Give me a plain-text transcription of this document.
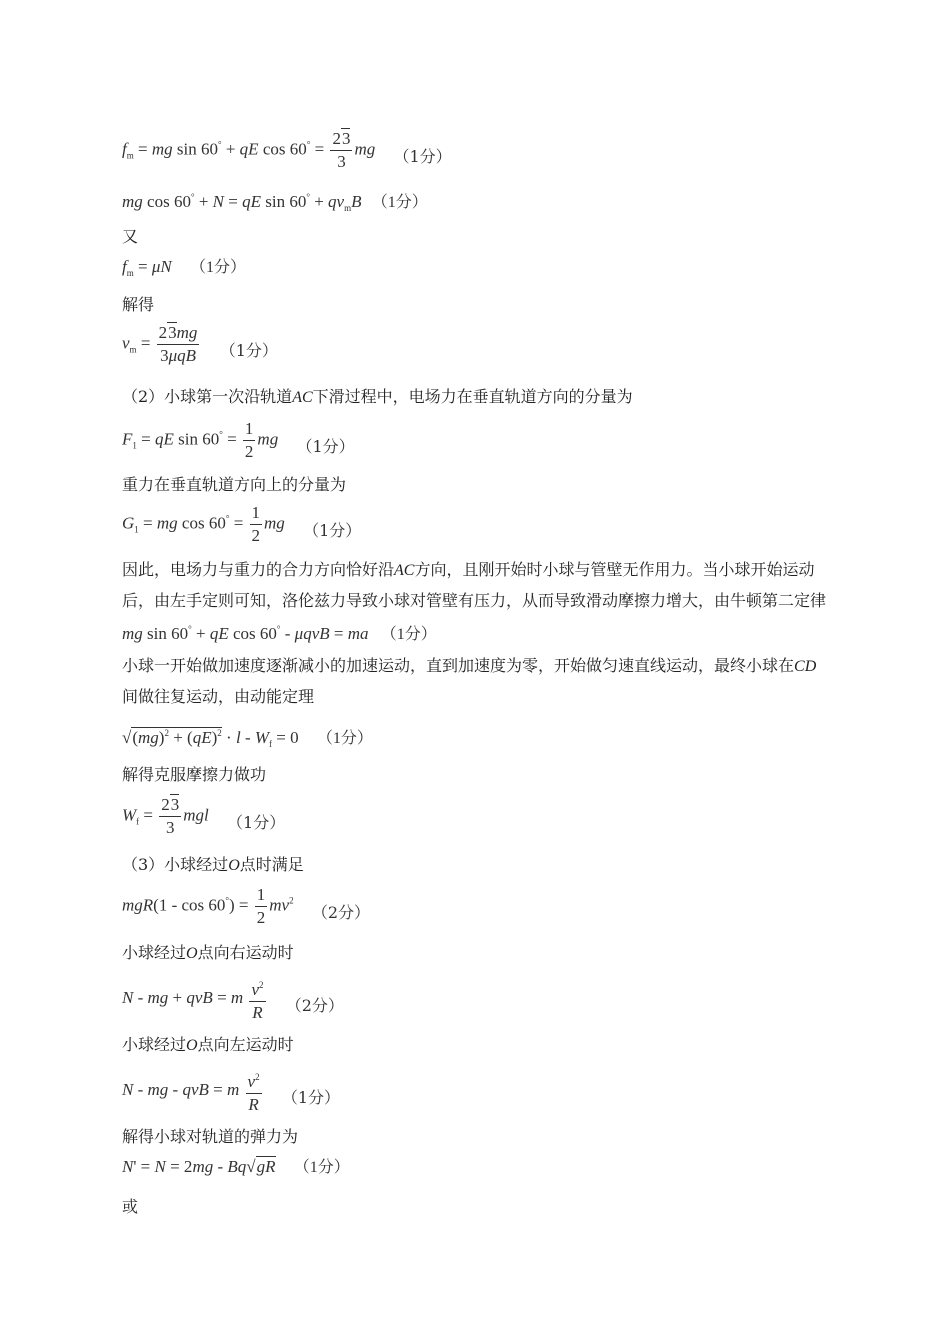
$f_m$ = mg sin 60° + qE $\cos 60^\circ = \frac{23}{3}$ mg （1分）
mg cos 60° + N = qE $\sin 60^\circ + qv_mB$ （1分）
又
$f_m = \mu N$ （1分）
解得
$v_m = \frac{23mg}{\text{3μqB}} (1$分）
（2）小球第一次沿轨道AC下滑过程中，电场力在垂直轨道方向的分量为
$F_1$ = qE $\sin 60^\circ = \frac{1}{2}$ mg （1分）
重力在垂直轨道方向上的分量为
$G_1$ = mg $\cos 60^\circ = \frac{1}{2}$ mg （1分）
因此，电场力与重力的合力方向恰好沿AC方向，且刚开始时小球与管壁无作用力。当小球开始运动
后，由左手定则可知，洛伦兹力导致小球对管壁有压力，从而导致滑动摩擦力增大，由牛顿第二定律
mg sin 60° + qE cos 60° - μqvB = ma （1分）
小球一开始做加速度逐渐减小的加速运动，直到加速度为零，开始做匀速直线运动，最终小球在CD
间做往复运动，由动能定理
$√(mg)^2 + (qE)^2 \cdot l - W_f = 0$ （1分）
解得克服摩擦力做功
$W_f = \frac{23}{3}$ mgl （1分）
（3）小球经过O点时满足
$mgR(1 - \cos 60^\circ) = \frac{1}{2} mv^2$ （2分）
小球经过O点向右运动时
N - mg + qvB = m $\frac{v^2}{R} (2$分）
小球经过O点向左运动时
N - mg - qvB = m $\frac{v^2}{R} (1$分）
解得小球对轨道的弹力为
N' = N = 2mg - Bq√gR （1分）
或
